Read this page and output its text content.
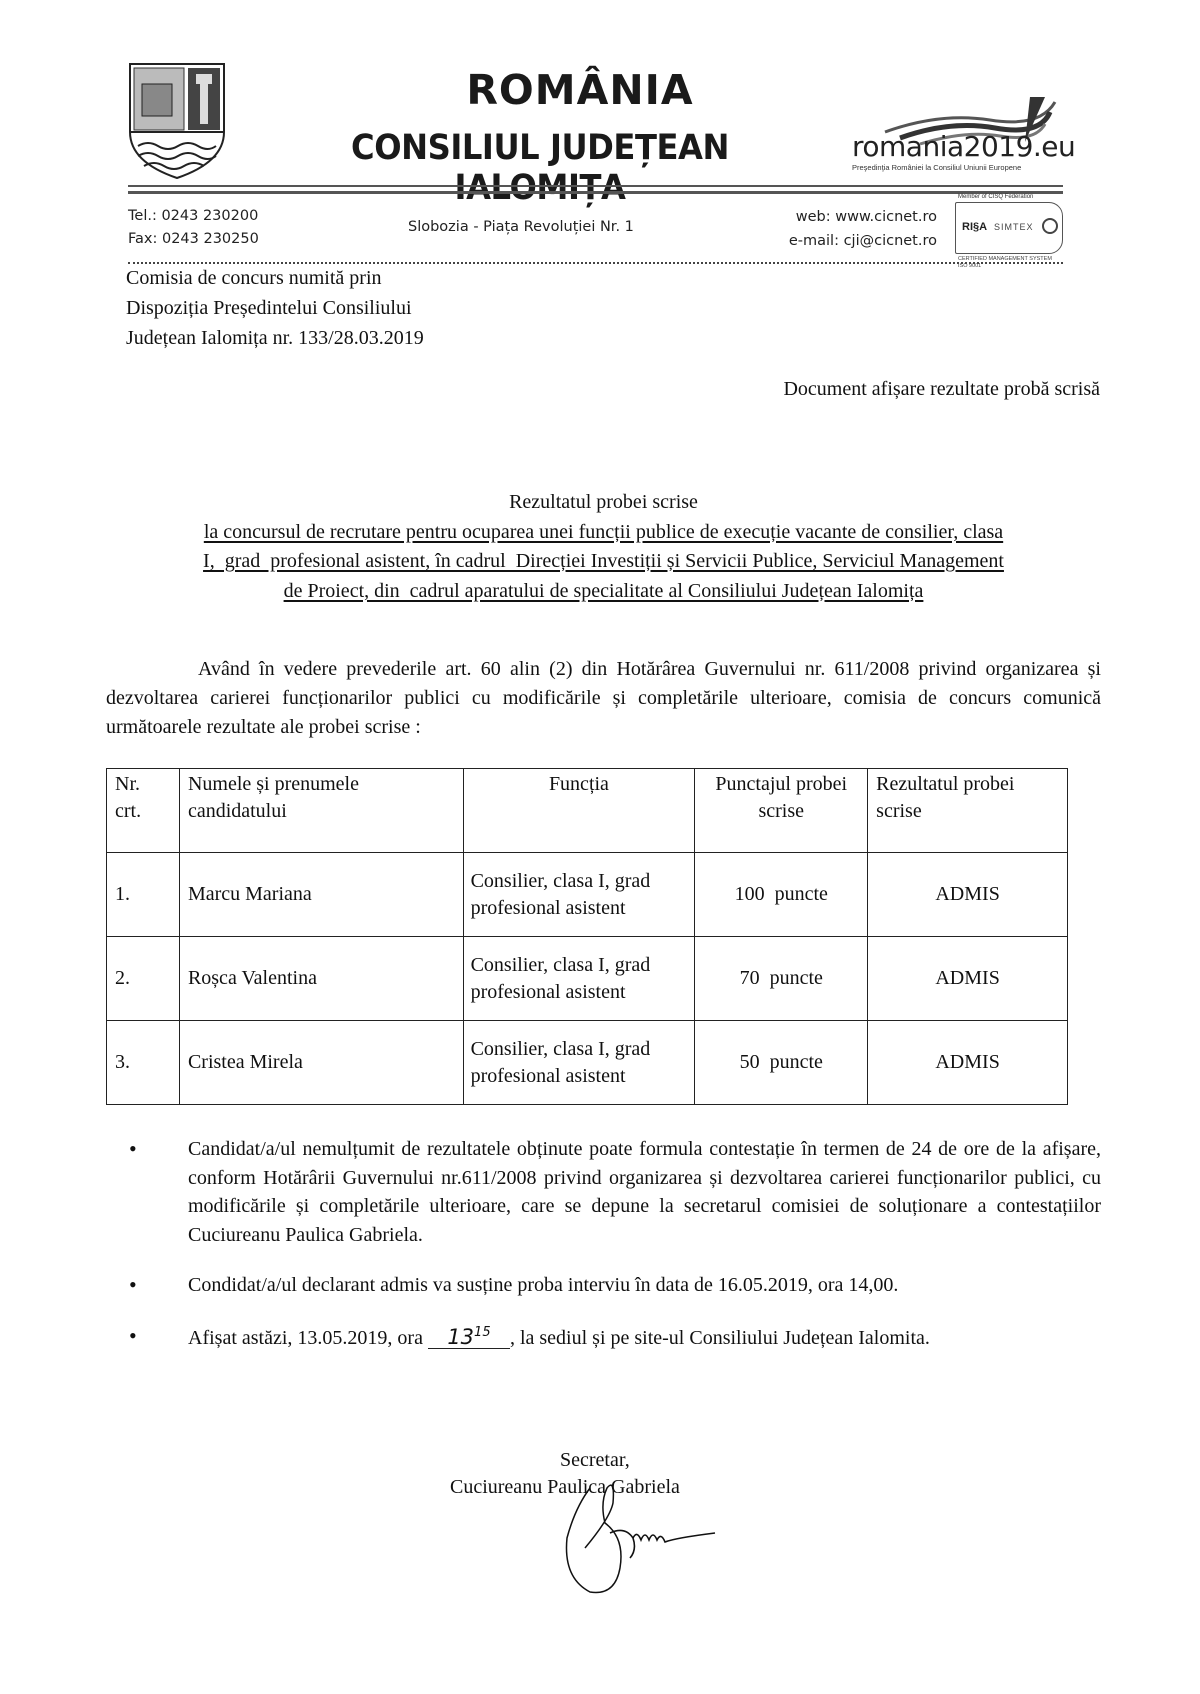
ROMÂNIA
CONSILIUL JUDEȚEAN IALOMIȚA
romania2019.eu
Preşedinţia României la Consiliul Uniunii Europene
Tel.: 0243 230200
Fax: 0243 230250
Slobozia - Piața Revoluției Nr. 1
web: www.cicnet.ro
e-mail: cji@cicnet.ro
Member of CISQ Federation
RI§A SIMTEX
CERTIFIED MANAGEMENT SYSTEM
ISO 9001
Comisia de concurs numită prin
Dispoziția Președintelui Consiliului
Județean Ialomița nr. 133/28.03.2019
Document afișare rezultate probă scrisă
Rezultatul probei scrise
la concursul de recrutare pentru ocuparea unei funcții publice de execuție vacante de consilier, clasa
I,  grad  profesional asistent, în cadrul  Direcției Investiții și Servicii Publice, Serviciul Management
de Proiect, din  cadrul aparatului de specialitate al Consiliului Județean Ialomița
Având în vedere prevederile art. 60 alin (2) din Hotărârea Guvernului nr. 611/2008 privind organizarea și dezvoltarea carierei funcționarilor publici cu modificările și completările ulterioare, comisia de concurs comunică următoarele rezultate ale probei scrise :
Nr. crt.	Numele și prenumele candidatului	Funcția	Punctajul probei scrise	Rezultatul probei scrise
1.	Marcu Mariana	Consilier, clasa I, grad profesional asistent	100  puncte	ADMIS
2.	Roșca Valentina	Consilier, clasa I, grad profesional asistent	70  puncte	ADMIS
3.	Cristea Mirela	Consilier, clasa I, grad profesional asistent	50  puncte	ADMIS
• Candidat/a/ul nemulțumit de rezultatele obținute poate formula contestație în termen de 24 de ore de la afișare, conform Hotărârii Guvernului nr.611/2008 privind organizarea și dezvoltarea carierei funcționarilor publici, cu modificările și completările ulterioare, care se depune la secretarul comisiei de soluționare a contestațiilor Cuciureanu Paulica Gabriela.
• Condidat/a/ul declarant admis va susține proba interviu în data de 16.05.2019, ora 14,00.
• Afișat astăzi, 13.05.2019, ora $13^{15}$ , la sediul și pe site-ul Consiliului Județean Ialomita.
Secretar,
Cuciureanu Paulica Gabriela
